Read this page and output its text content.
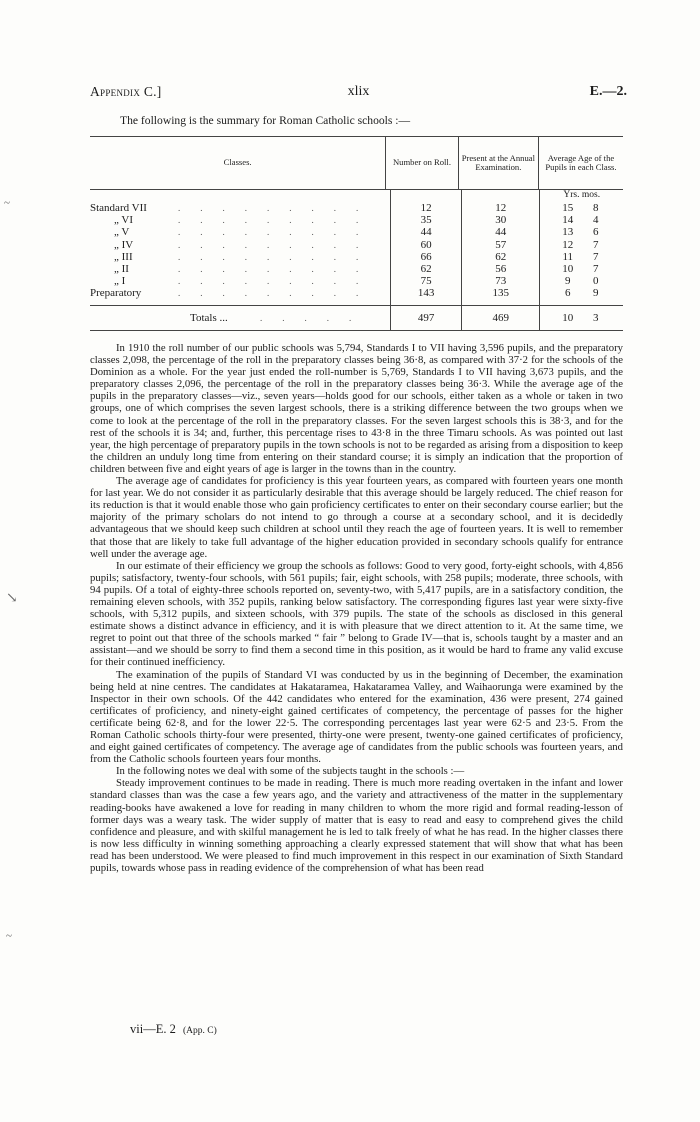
Appendix C.]	xlix	E.—2.
The following is the summary for Roman Catholic schools :—
Classes.	Number on Roll.	Present at the Annual Examination.
Average Age of the Pupils in each Class.
Yrs. mos.
Standard VII	.........	12	12	15	8
„ VI	.........	35	30	14	4
„ V	.........	44	44	13	6
„ IV	.........	60	57	12	7
„ III	.........	66	62	11	7
„ II	.........	62	56	10	7
„ I	.........	75	73	9	0
Preparatory	.........	143	135	6	9
Totals ...	.....	497	469	10	3

In 1910 the roll number of our public schools was 5,794, Standards I to VII having 3,596 pupils, and the preparatory classes 2,098, the percentage of the roll in the preparatory classes being 36·8, as compared with 37·2 for the schools of the Dominion as a whole. For the year just ended the roll-number is 5,769, Standards I to VII having 3,673 pupils, and the preparatory classes 2,096, the percentage of the roll in the preparatory classes being 36·3. While the average age of the pupils in the preparatory classes—viz., seven years—holds good for our schools, either taken as a whole or taken in two groups, one of which comprises the seven largest schools, there is a striking difference between the two groups when we come to look at the percentage of the roll in the preparatory classes. For the seven largest schools this is 38·3, and for the rest of the schools it is 34; and, further, this percentage rises to 43·8 in the three Timaru schools. As was pointed out last year, the high percentage of preparatory pupils in the town schools is not to be regarded as arising from a disposition to keep the children an unduly long time from entering on their standard course; it is simply an indication that the proportion of children between five and eight years of age is larger in the towns than in the country.

The average age of candidates for proficiency is this year fourteen years, as compared with fourteen years one month for last year. We do not consider it as particularly desirable that this average should be largely reduced. The chief reason for its reduction is that it would enable those who gain proficiency certificates to enter on their secondary course earlier; but the majority of the primary scholars do not intend to go through a course at a secondary school, and it is decidedly advantageous that we should keep such children at school until they reach the age of fourteen years. It is well to remember that those that are likely to take full advantage of the higher education provided in secondary schools qualify for entrance well under the average age.

In our estimate of their efficiency we group the schools as follows: Good to very good, forty-eight schools, with 4,856 pupils; satisfactory, twenty-four schools, with 561 pupils; fair, eight schools, with 258 pupils; moderate, three schools, with 94 pupils. Of a total of eighty-three schools reported on, seventy-two, with 5,417 pupils, are in a satisfactory condition, the remaining eleven schools, with 352 pupils, ranking below satisfactory. The corresponding figures last year were sixty-five schools, with 5,312 pupils, and sixteen schools, with 379 pupils. The state of the schools as disclosed in this general estimate shows a distinct advance in efficiency, and it is with pleasure that we direct attention to it. At the same time, we regret to point out that three of the schools marked “ fair ” belong to Grade IV—that is, schools taught by a master and an assistant—and we should be sorry to find them a second time in this position, as it would be hard to frame any valid excuse for their continued inefficiency.

The examination of the pupils of Standard VI was conducted by us in the beginning of December, the examination being held at nine centres. The candidates at Hakataramea, Hakataramea Valley, and Waihaorunga were examined by the Inspector in their own schools. Of the 442 candidates who entered for the examination, 436 were present, 274 gained certificates of proficiency, and ninety-eight gained certificates of competency, the percentage of passes for the higher certificate being 62·8, and for the lower 22·5. The corresponding percentages last year were 62·5 and 23·5. From the Roman Catholic schools thirty-four were presented, thirty-one were present, twenty-one gained certificates of proficiency, and eight gained certificates of competency. The average age of candidates from the public schools was fourteen years, and from the Catholic schools fourteen years four months.

In the following notes we deal with some of the subjects taught in the schools :—

Steady improvement continues to be made in reading. There is much more reading overtaken in the infant and lower standard classes than was the case a few years ago, and the variety and attractiveness of the matter in the supplementary reading-books have awakened a love for reading in many children to whom the more rigid and formal reading-lesson of former days was a weary task. The wider supply of matter that is easy to read and easy to comprehend gives the child confidence and pleasure, and with skilful management he is led to talk freely of what he has read. In the higher classes there is now less difficulty in winning something approaching a clearly expressed statement that will show that what has been read has been understood. We were pleased to find much improvement in this respect in our examination of Sixth Standard pupils, towards whose pass in reading evidence of the comprehension of what has been read

vii—E. 2 (App. C)
~
↘
~
